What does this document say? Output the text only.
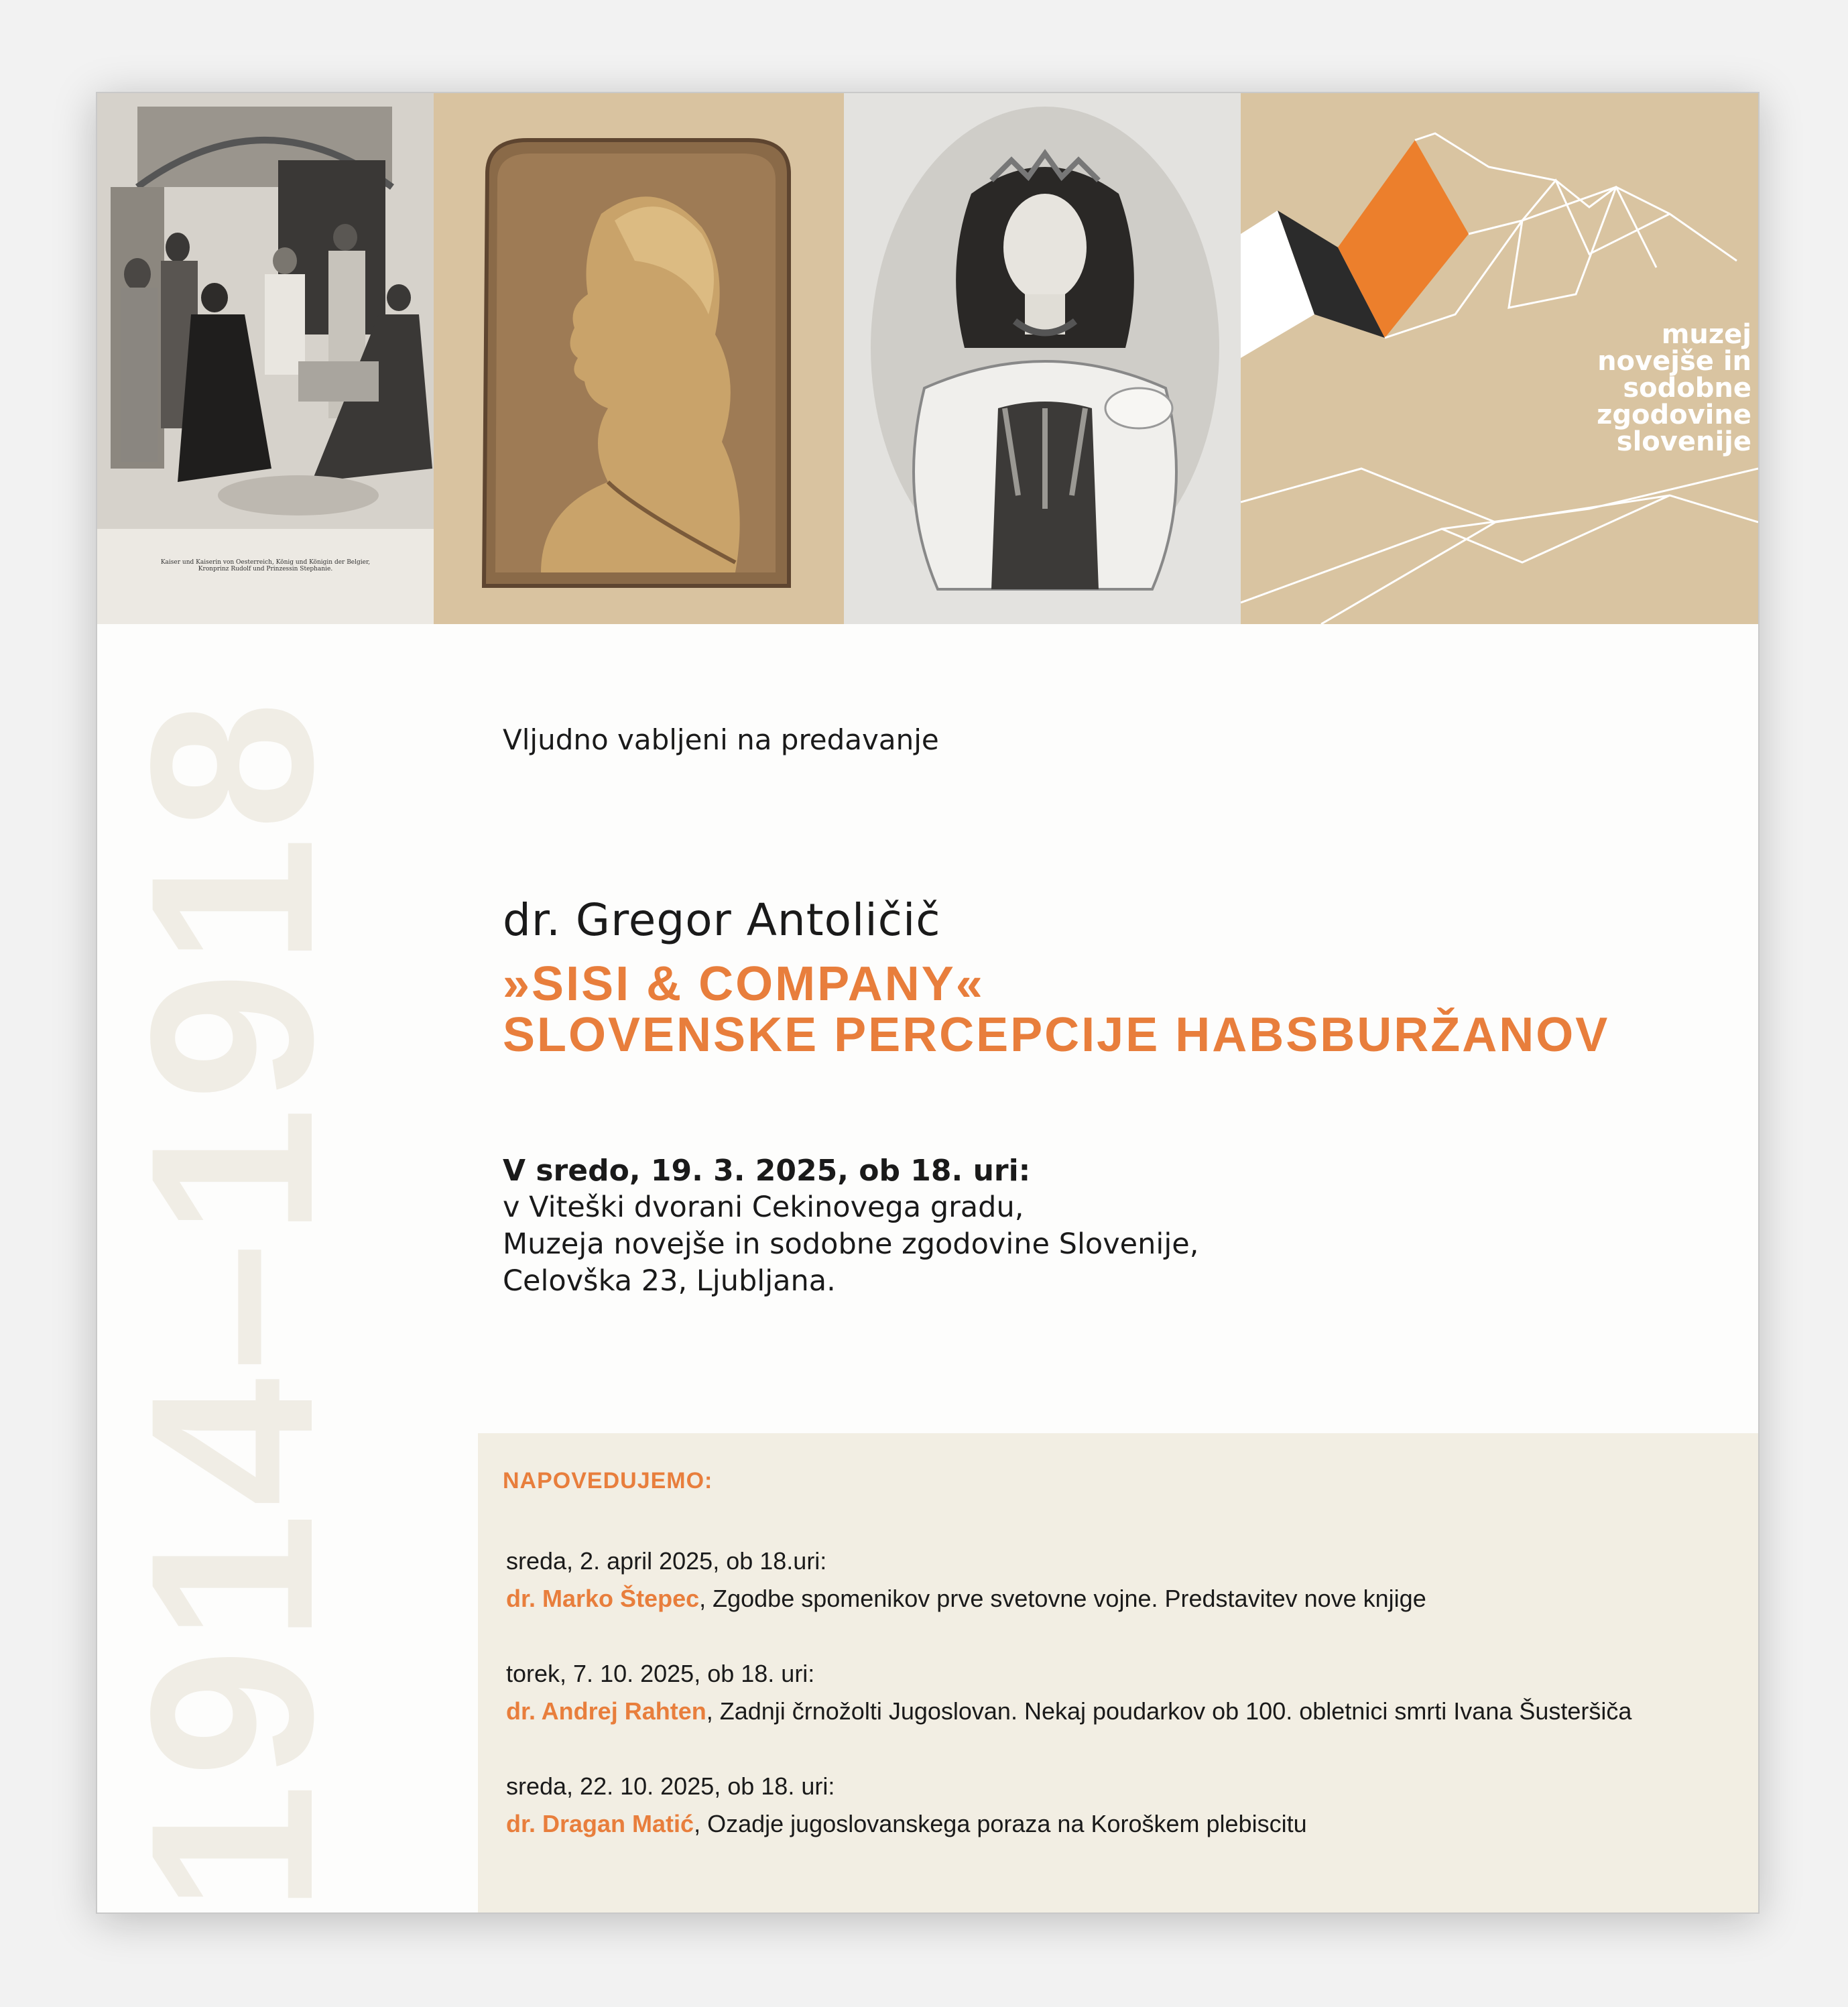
Kaiser und Kaiserin von Oesterreich, König und Königin der Belgier,
Kronprinz Rudolf und Prinzessin Stephanie.
muzej
novejše in
sodobne
zgodovine
slovenije
1914–1918	Vljudno vabljeni na predavanje
dr. Gregor Antoličič
»SISI & COMPANY«
SLOVENSKE PERCEPCIJE HABSBURŽANOV
V sredo, 19. 3. 2025, ob 18. uri:
v Viteški dvorani Cekinovega gradu,
Muzeja novejše in sodobne zgodovine Slovenije,
Celovška 23, Ljubljana.
NAPOVEDUJEMO:
sreda, 2. april 2025, ob 18.uri:
dr. Marko Štepec, Zgodbe spomenikov prve svetovne vojne. Predstavitev nove knjige
torek, 7. 10. 2025, ob 18. uri:
dr. Andrej Rahten, Zadnji črnožolti Jugoslovan. Nekaj poudarkov ob 100. obletnici smrti Ivana Šusteršiča
sreda, 22. 10. 2025, ob 18. uri:
dr. Dragan Matić, Ozadje jugoslovanskega poraza na Koroškem plebiscitu
